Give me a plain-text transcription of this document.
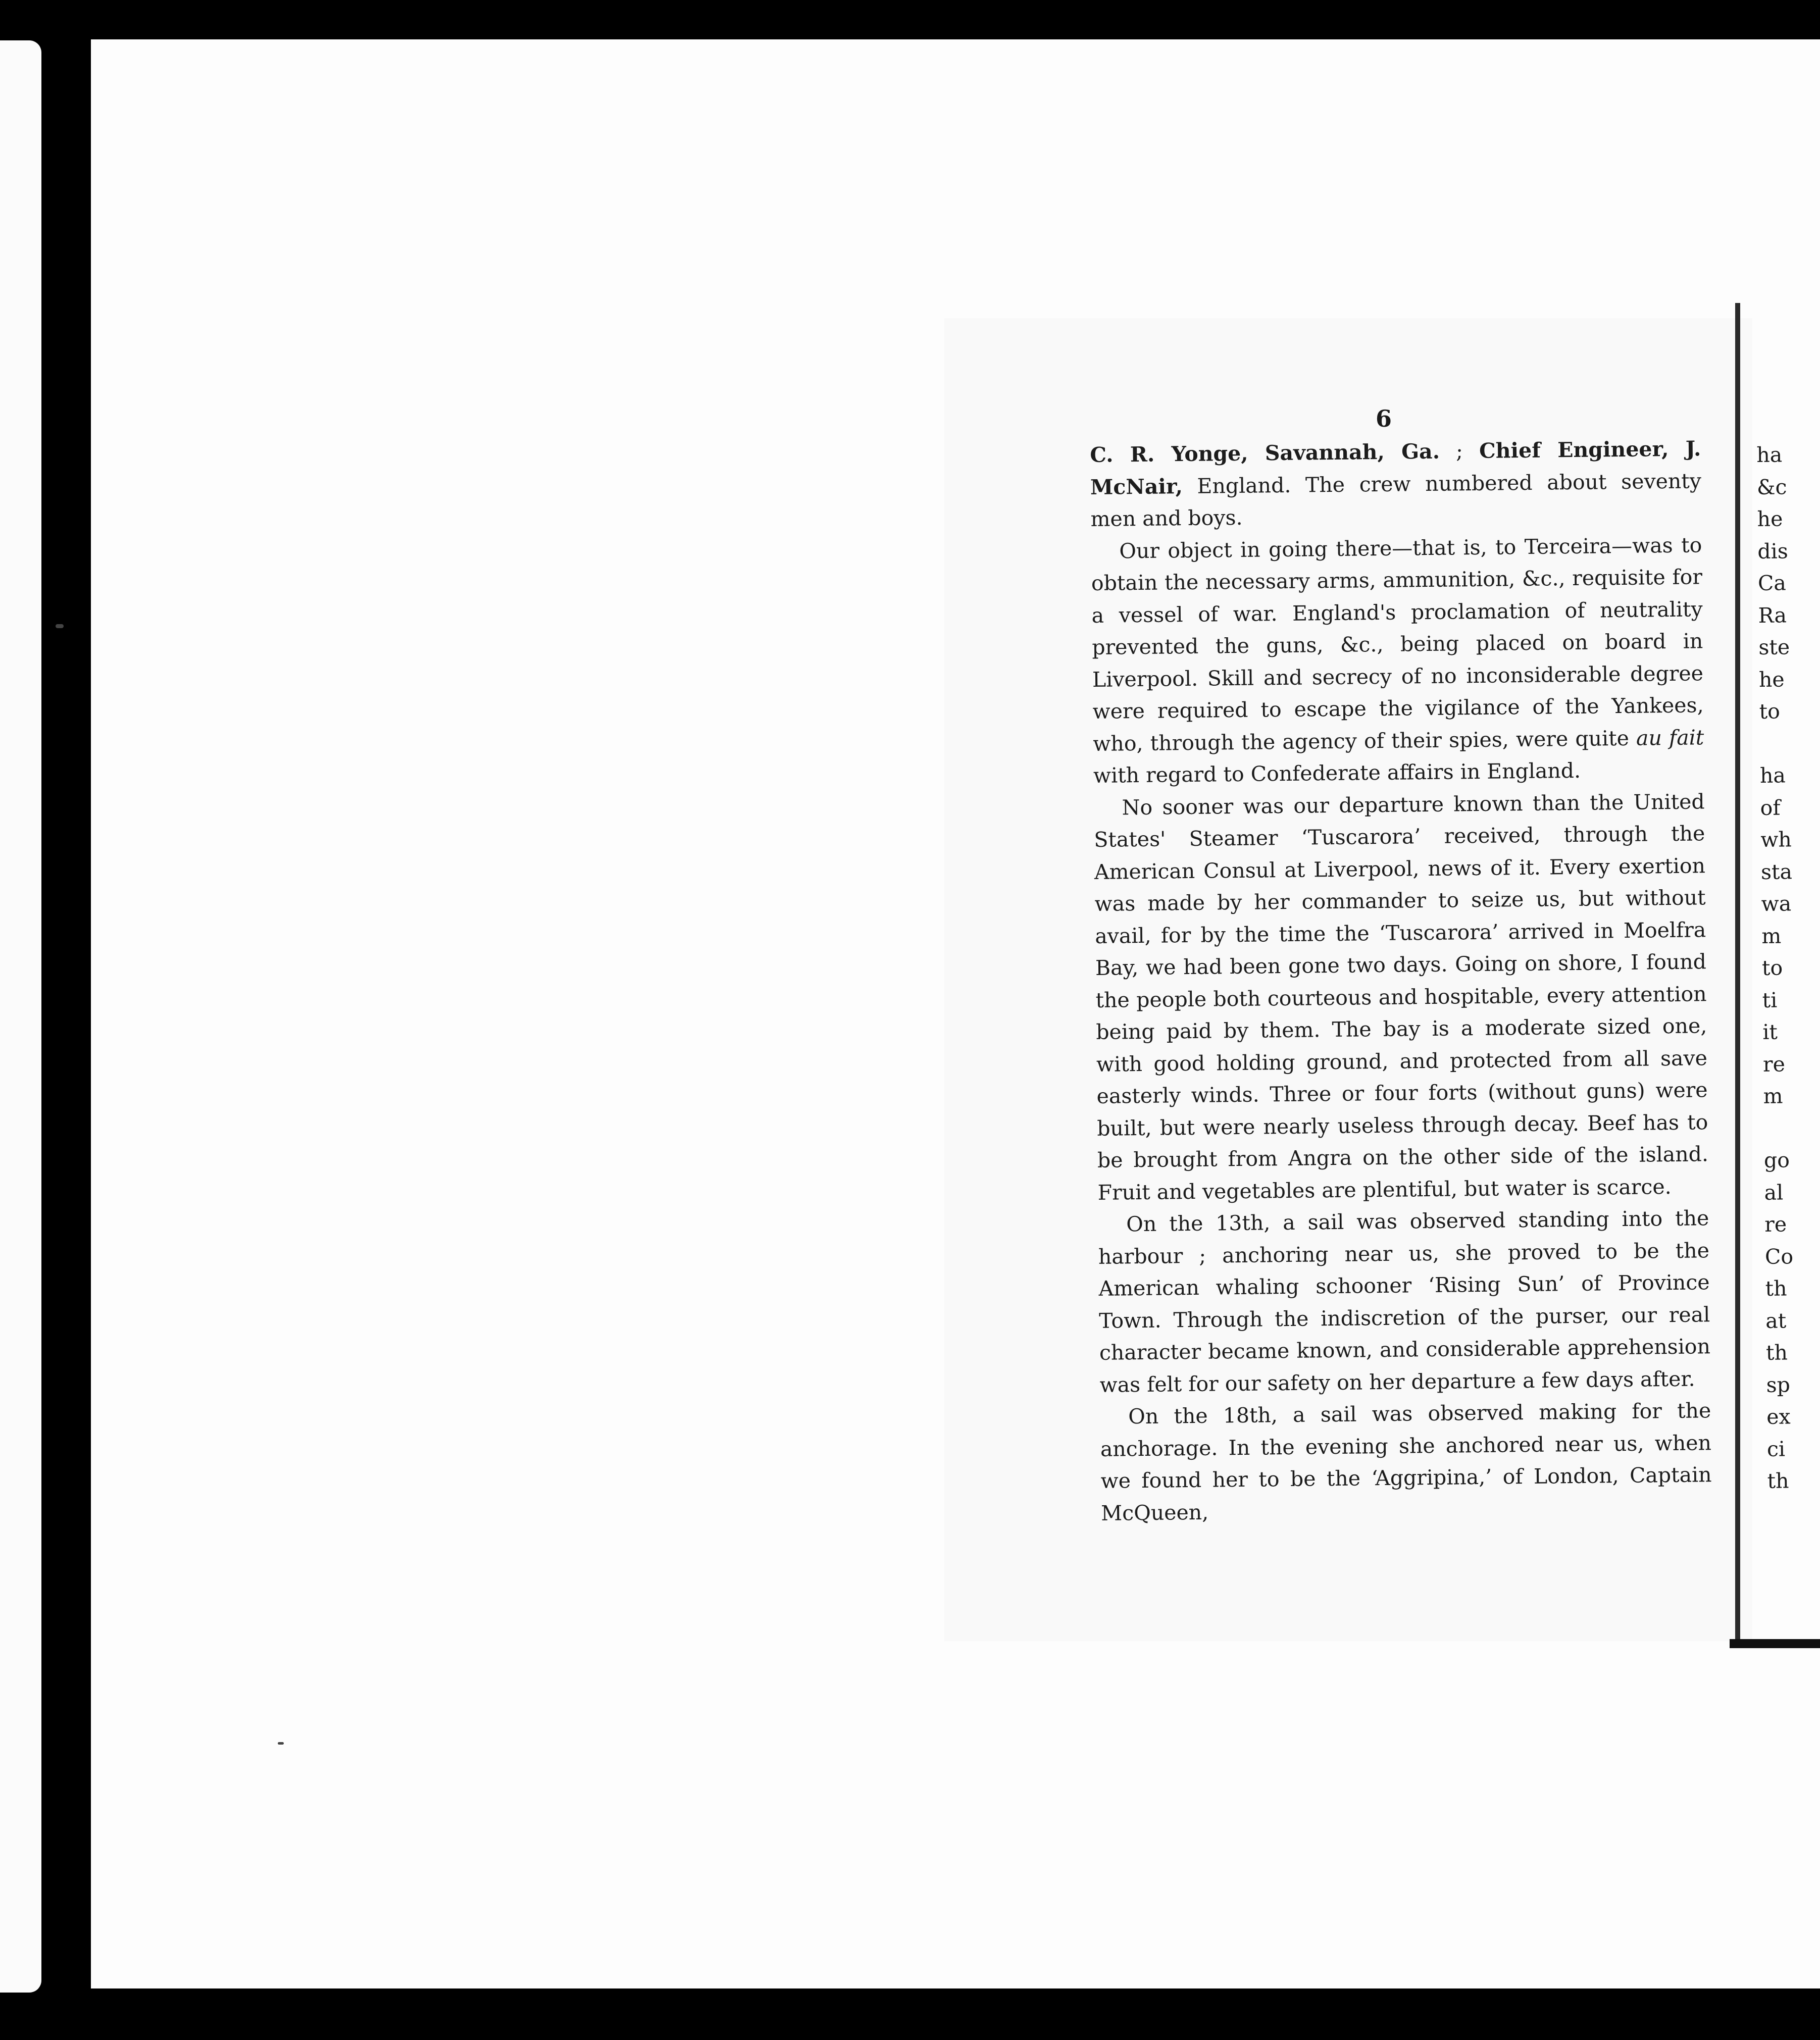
6

C. R. Yonge, Savannah, Ga. ; Chief Engineer, J. McNair, England. The crew numbered about seventy men and boys.

Our object in going there—that is, to Terceira—was to obtain the necessary arms, ammunition, &c., requisite for a vessel of war. England's proclamation of neutrality prevented the guns, &c., being placed on board in Liverpool. Skill and secrecy of no inconsiderable degree were required to escape the vigilance of the Yankees, who, through the agency of their spies, were quite au fait with regard to Confederate affairs in England.

No sooner was our departure known than the United States' Steamer ‘Tuscarora’ received, through the American Consul at Liverpool, news of it. Every exertion was made by her commander to seize us, but without avail, for by the time the ‘Tuscarora’ arrived in Moelfra Bay, we had been gone two days. Going on shore, I found the people both courteous and hospitable, every attention being paid by them. The bay is a moderate sized one, with good holding ground, and protected from all save easterly winds. Three or four forts (without guns) were built, but were nearly useless through decay. Beef has to be brought from Angra on the other side of the island. Fruit and vegetables are plentiful, but water is scarce.

On the 13th, a sail was observed standing into the harbour ; anchoring near us, she proved to be the American whaling schooner ‘Rising Sun’ of Province Town. Through the indiscretion of the purser, our real character became known, and considerable apprehension was felt for our safety on her departure a few days after.

On the 18th, a sail was observed making for the anchorage. In the evening she anchored near us, when we found her to be the ‘Aggripina,’ of London, Captain McQueen,

ha
&c
he
dis
Ca
Ra
ste
he
to
ha
of
wh
sta
wa
m
to
ti
it
re
m
go
al
re
Co
th
at
th
sp
ex
ci
th
